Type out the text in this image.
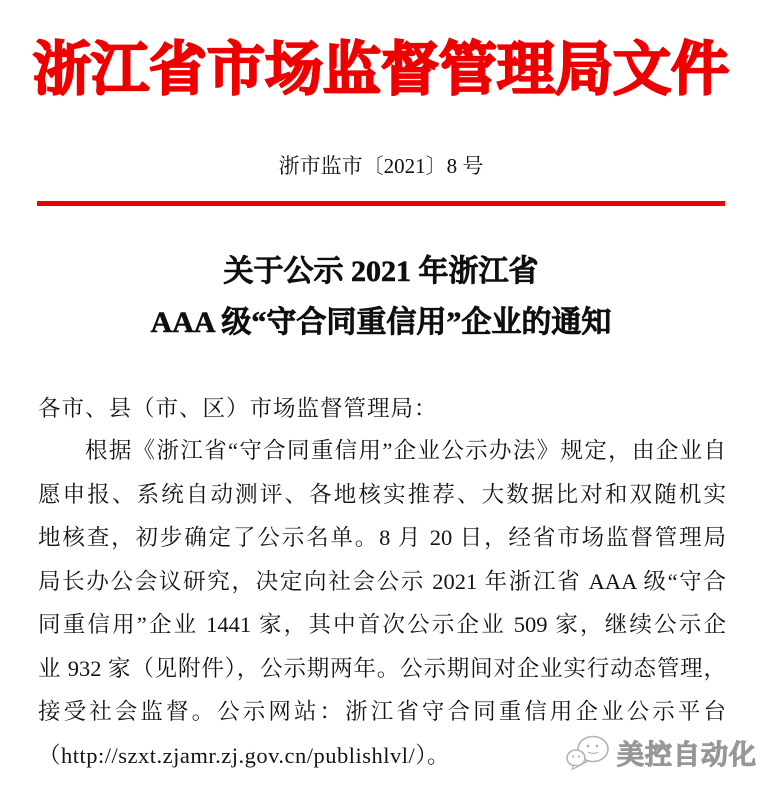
浙江省市场监督管理局文件
浙市监市〔2021〕8 号
关于公示 2021 年浙江省
AAA 级“守合同重信用”企业的通知
各市、县（市、区）市场监督管理局：
根据《浙江省“守合同重信用”企业公示办法》规定，由企业自
愿申报、系统自动测评、各地核实推荐、大数据比对和双随机实
地核查，初步确定了公示名单。8 月 20 日，经省市场监督管理局
局长办公会议研究，决定向社会公示 2021 年浙江省 AAA 级“守合
同重信用”企业 1441 家，其中首次公示企业 509 家，继续公示企
业 932 家（见附件），公示期两年。公示期间对企业实行动态管理，
接受社会监督。公示网站：浙江省守合同重信用企业公示平台
（http://szxt.zjamr.zj.gov.cn/publishlvl/）。	美控自动化
